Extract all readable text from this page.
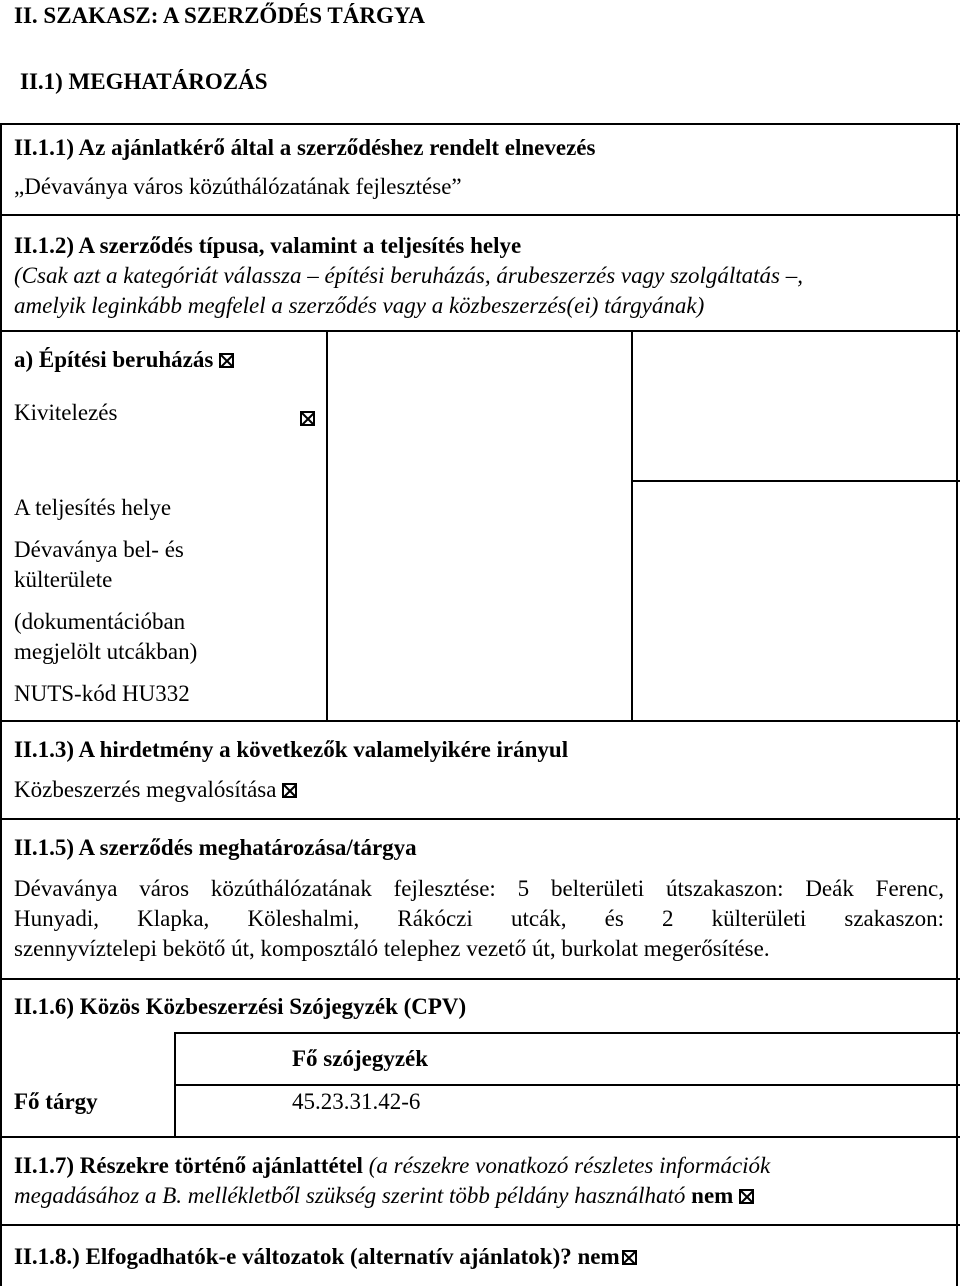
II. SZAKASZ: A SZERZŐDÉS TÁRGYA
II.1) MEGHATÁROZÁS
II.1.1) Az ajánlatkérő által a szerződéshez rendelt elnevezés
„Dévaványa város közúthálózatának fejlesztése”
II.1.2) A szerződés típusa, valamint a teljesítés helye
(Csak azt a kategóriát válassza – építési beruházás, árubeszerzés vagy szolgáltatás –,
amelyik leginkább megfelel a szerződés vagy a közbeszerzés(ei) tárgyának)
a) Építési beruházás
Kivitelezés
A teljesítés helye
Dévaványa bel- és
külterülete
(dokumentációban
megjelölt utcákban)
NUTS-kód HU332
II.1.3) A hirdetmény a következők valamelyikére irányul
Közbeszerzés megvalósítása
II.1.5) A szerződés meghatározása/tárgya
Dévaványa város közúthálózatának fejlesztése: 5 belterületi útszakaszon: Deák Ferenc,
Hunyadi, Klapka, Köleshalmi, Rákóczi utcák, és 2 külterületi szakaszon:
szennyvíztelepi bekötő út, komposztáló telephez vezető út, burkolat megerősítése.
II.1.6) Közös Közbeszerzési Szójegyzék (CPV)
Fő szójegyzék
Fő tárgy	45.23.31.42-6
II.1.7) Részekre történő ajánlattétel (a részekre vonatkozó részletes információk
megadásához a B. mellékletből szükség szerint több példány használható nem
II.1.8.) Elfogadhatók-e változatok (alternatív ajánlatok)? nem
